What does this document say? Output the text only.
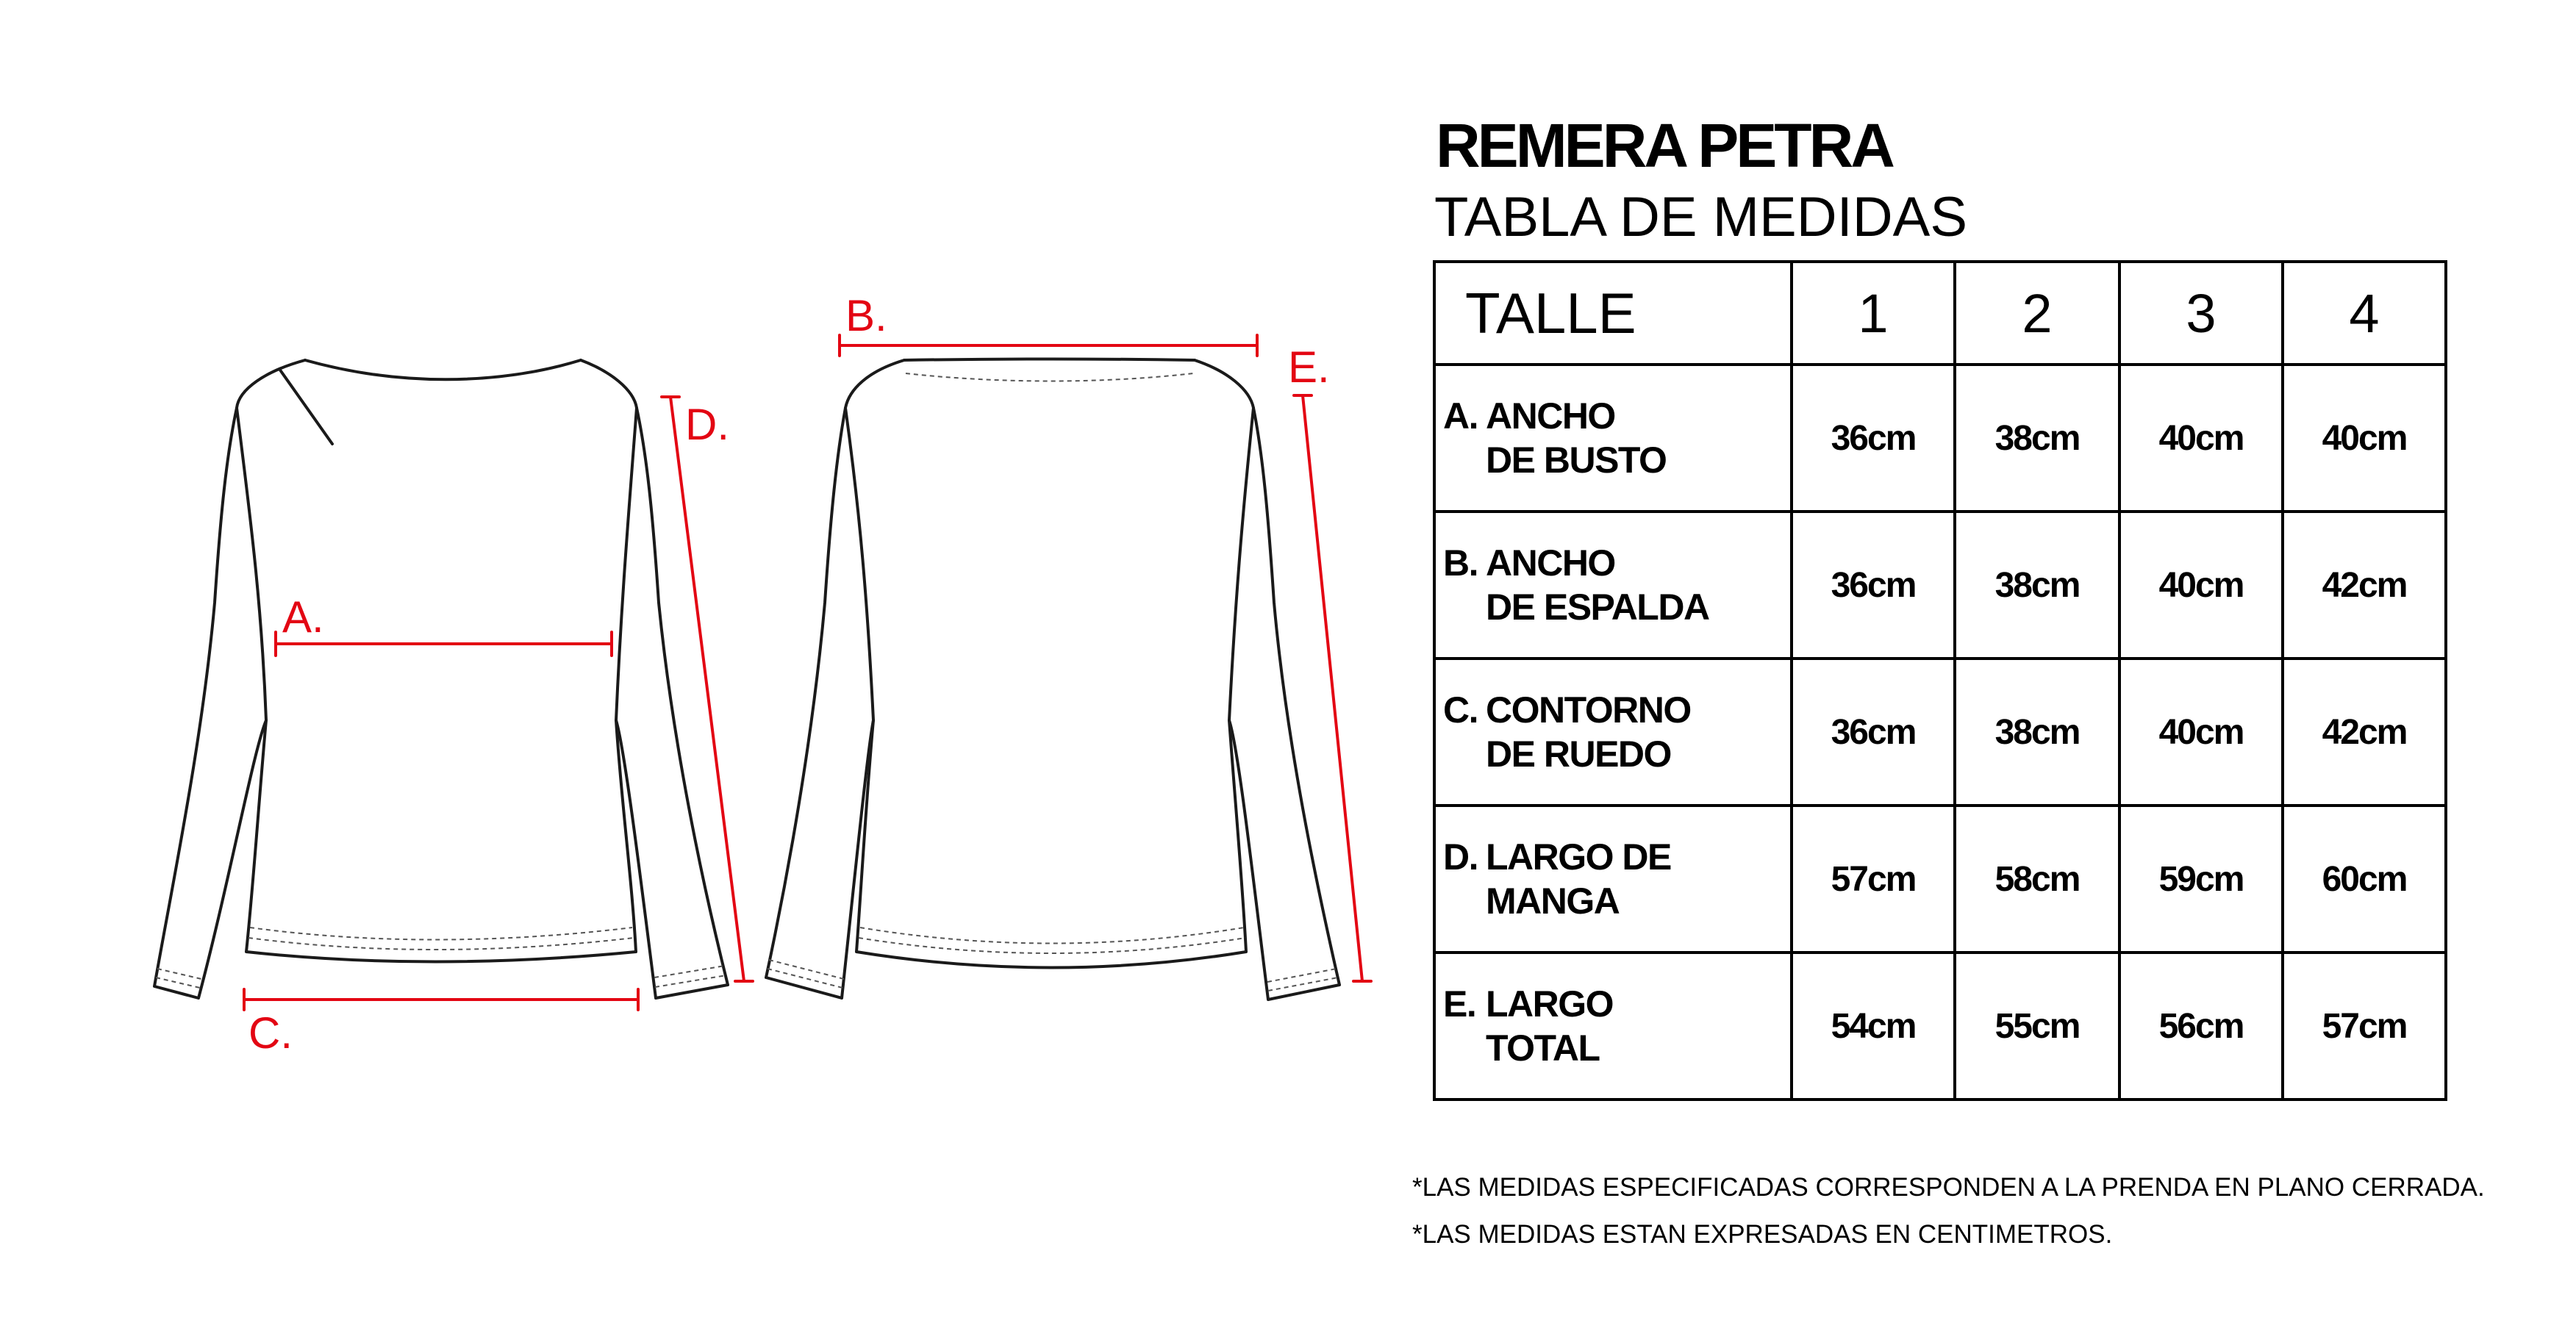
A.
B.
C.
D.
E.
REMERA PETRA
TABLA DE MEDIDAS
TALLE	1	2	3	4

A. ANCHO
DE BUSTO	36cm	38cm	40cm	40cm

B. ANCHO
DE ESPALDA	36cm	38cm	40cm	42cm

C. CONTORNO
DE RUEDO	36cm	38cm	40cm	42cm

D. LARGO DE
MANGA	57cm	58cm	59cm	60cm

E. LARGO
TOTAL	54cm	55cm	56cm	57cm
*LAS MEDIDAS ESPECIFICADAS CORRESPONDEN A LA PRENDA EN PLANO CERRADA.
*LAS MEDIDAS ESTAN EXPRESADAS EN CENTIMETROS.
